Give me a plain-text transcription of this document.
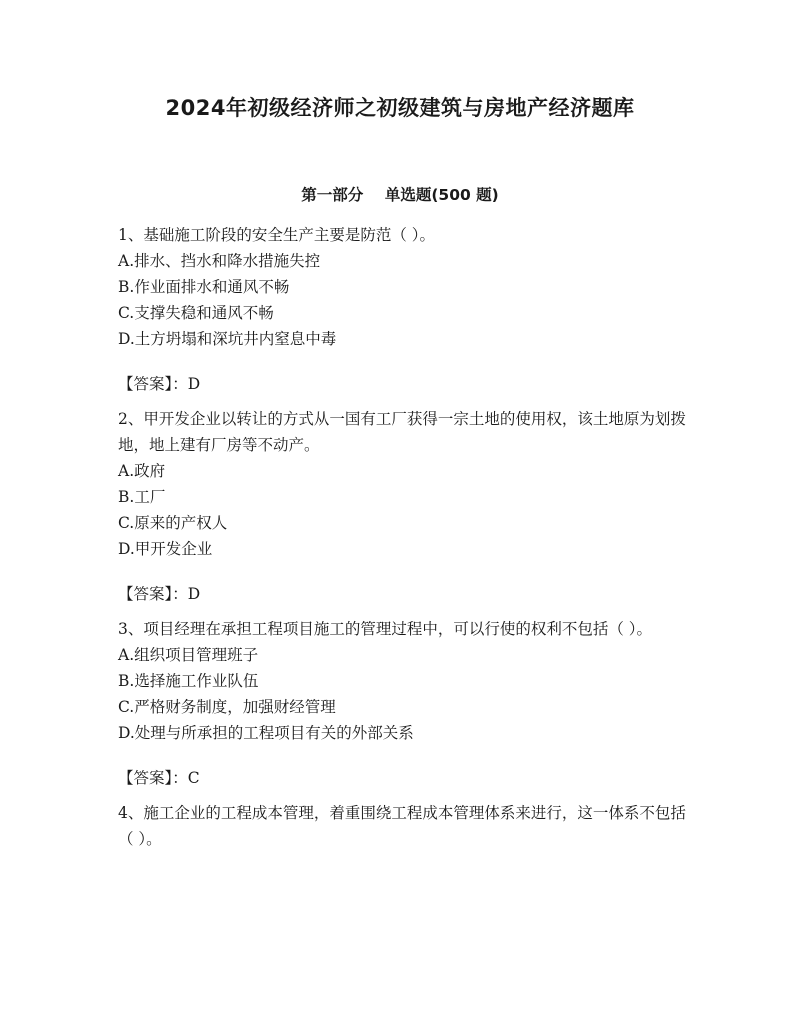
2024年初级经济师之初级建筑与房地产经济题库
第一部分    单选题(500 题)

1、基础施工阶段的安全生产主要是防范（ ）。

A.排水、挡水和降水措施失控

B.作业面排水和通风不畅

C.支撑失稳和通风不畅

D.土方坍塌和深坑井内窒息中毒

【答案】：D

2、甲开发企业以转让的方式从一国有工厂获得一宗土地的使用权，该土地原为划拨地，地上建有厂房等不动产。

A.政府

B.工厂

C.原来的产权人

D.甲开发企业

【答案】：D

3、项目经理在承担工程项目施工的管理过程中，可以行使的权利不包括（ ）。

A.组织项目管理班子

B.选择施工作业队伍

C.严格财务制度，加强财经管理

D.处理与所承担的工程项目有关的外部关系

【答案】：C

4、施工企业的工程成本管理，着重围绕工程成本管理体系来进行，这一体系不包括（ ）。
